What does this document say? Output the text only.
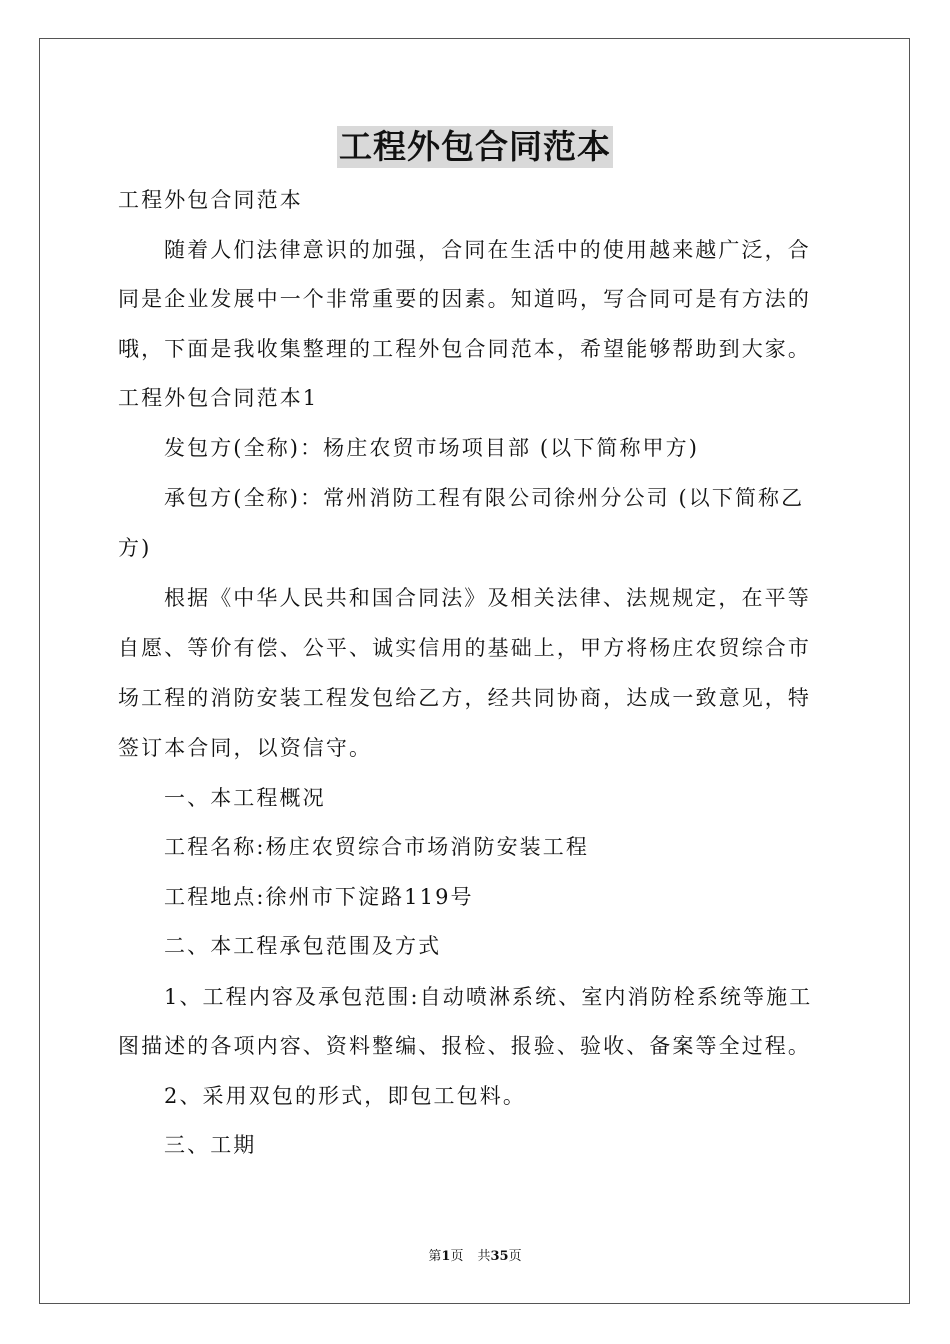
工程外包合同范本
工程外包合同范本
随着人们法律意识的加强，合同在生活中的使用越来越广泛，合
同是企业发展中一个非常重要的因素。知道吗，写合同可是有方法的
哦，下面是我收集整理的工程外包合同范本，希望能够帮助到大家。
工程外包合同范本1
发包方(全称)：杨庄农贸市场项目部 (以下简称甲方)
承包方(全称)：常州消防工程有限公司徐州分公司 (以下简称乙
方)
根据《中华人民共和国合同法》及相关法律、法规规定，在平等
自愿、等价有偿、公平、诚实信用的基础上，甲方将杨庄农贸综合市
场工程的消防安装工程发包给乙方，经共同协商，达成一致意见，特
签订本合同，以资信守。
一、本工程概况
工程名称:杨庄农贸综合市场消防安装工程
工程地点:徐州市下淀路119号
二、本工程承包范围及方式
1、工程内容及承包范围:自动喷淋系统、室内消防栓系统等施工
图描述的各项内容、资料整编、报检、报验、验收、备案等全过程。
2、采用双包的形式，即包工包料。
三、工期
第1页 共35页
